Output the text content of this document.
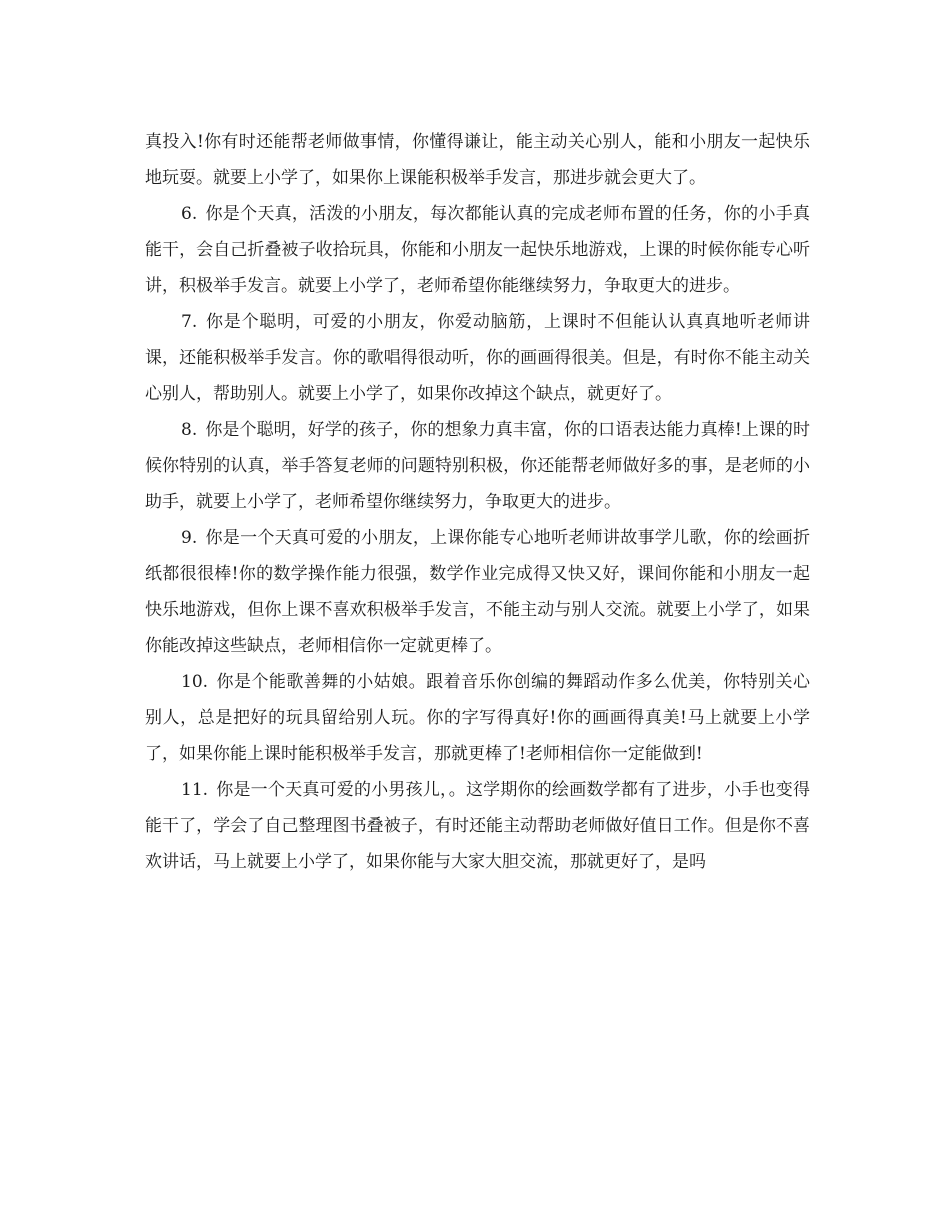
真投入!你有时还能帮老师做事情，你懂得谦让，能主动关心别人，能和小朋友一起快乐地玩耍。就要上小学了，如果你上课能积极举手发言，那进步就会更大了。

6. 你是个天真，活泼的小朋友，每次都能认真的完成老师布置的任务，你的小手真能干，会自己折叠被子收拾玩具，你能和小朋友一起快乐地游戏，上课的时候你能专心听讲，积极举手发言。就要上小学了，老师希望你能继续努力，争取更大的进步。

7. 你是个聪明，可爱的小朋友，你爱动脑筋，上课时不但能认认真真地听老师讲课，还能积极举手发言。你的歌唱得很动听，你的画画得很美。但是，有时你不能主动关心别人，帮助别人。就要上小学了，如果你改掉这个缺点，就更好了。

8. 你是个聪明，好学的孩子，你的想象力真丰富，你的口语表达能力真棒!上课的时候你特别的认真，举手答复老师的问题特别积极，你还能帮老师做好多的事，是老师的小助手，就要上小学了，老师希望你继续努力，争取更大的进步。

9. 你是一个天真可爱的小朋友，上课你能专心地听老师讲故事学儿歌，你的绘画折纸都很很棒!你的数学操作能力很强，数学作业完成得又快又好，课间你能和小朋友一起快乐地游戏，但你上课不喜欢积极举手发言，不能主动与别人交流。就要上小学了，如果你能改掉这些缺点，老师相信你一定就更棒了。

10. 你是个能歌善舞的小姑娘。跟着音乐你创编的舞蹈动作多么优美，你特别关心别人，总是把好的玩具留给别人玩。你的字写得真好!你的画画得真美!马上就要上小学了，如果你能上课时能积极举手发言，那就更棒了!老师相信你一定能做到!

11. 你是一个天真可爱的小男孩儿，。这学期你的绘画数学都有了进步，小手也变得能干了，学会了自己整理图书叠被子，有时还能主动帮助老师做好值日工作。但是你不喜欢讲话，马上就要上小学了，如果你能与大家大胆交流，那就更好了，是吗
